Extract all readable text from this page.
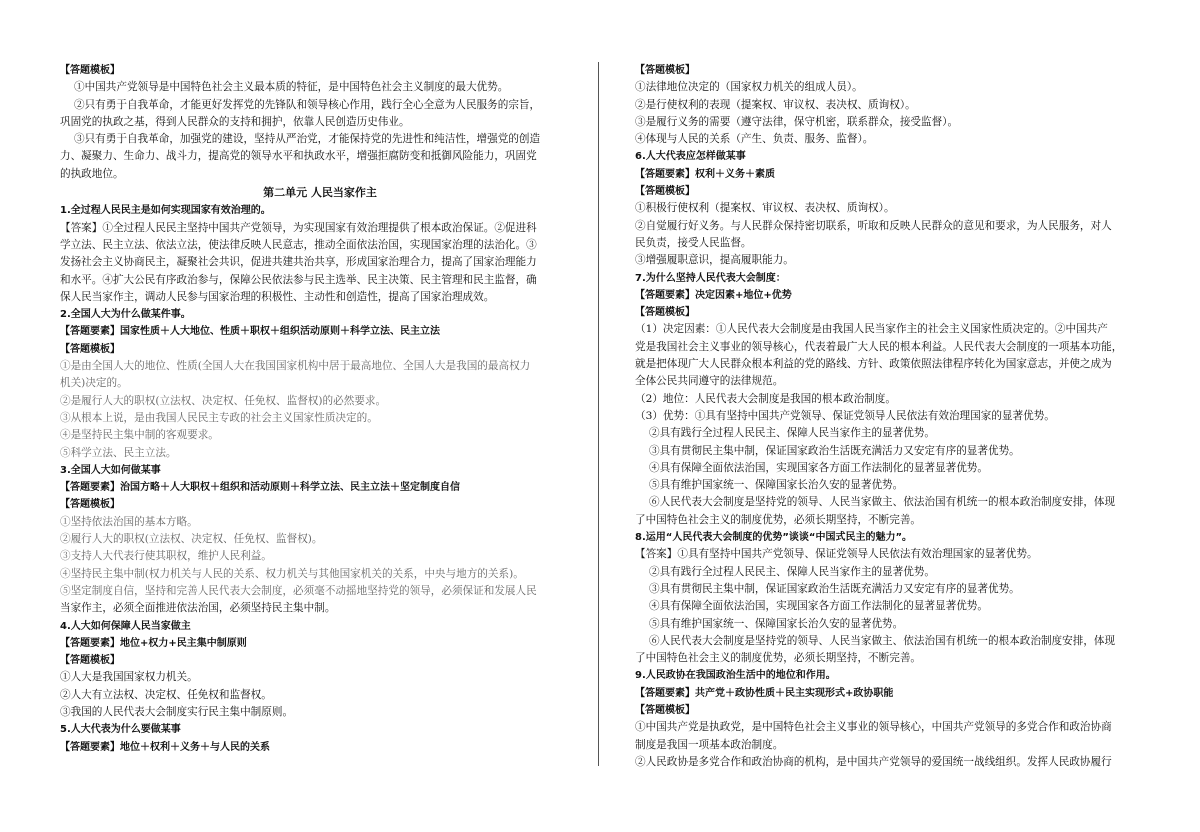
【答题模板】
①中国共产党领导是中国特色社会主义最本质的特征，是中国特色社会主义制度的最大优势。
②只有勇于自我革命，才能更好发挥党的先锋队和领导核心作用，践行全心全意为人民服务的宗旨，
巩固党的执政之基，得到人民群众的支持和拥护，依靠人民创造历史伟业。
③只有勇于自我革命，加强党的建设，坚持从严治党，才能保持党的先进性和纯洁性，增强党的创造
力、凝聚力、生命力、战斗力，提高党的领导水平和执政水平，增强拒腐防变和抵御风险能力，巩固党
的执政地位。
第二单元 人民当家作主
1.全过程人民民主是如何实现国家有效治理的。
【答案】①全过程人民民主坚持中国共产党领导，为实现国家有效治理提供了根本政治保证。②促进科
学立法、民主立法、依法立法，使法律反映人民意志，推动全面依法治国，实现国家治理的法治化。③
发扬社会主义协商民主，凝聚社会共识，促进共建共治共享，形成国家治理合力，提高了国家治理能力
和水平。④扩大公民有序政治参与，保障公民依法参与民主选举、民主决策、民主管理和民主监督，确
保人民当家作主，调动人民参与国家治理的积极性、主动性和创造性，提高了国家治理成效。
2.全国人大为什么做某件事。
【答题要素】国家性质＋人大地位、性质＋职权＋组织活动原则＋科学立法、民主立法
【答题模板】
①是由全国人大的地位、性质(全国人大在我国国家机构中居于最高地位、全国人大是我国的最高权力
机关)决定的。
②是履行人大的职权(立法权、决定权、任免权、监督权)的必然要求。
③从根本上说，是由我国人民民主专政的社会主义国家性质决定的。
④是坚持民主集中制的客观要求。
⑤科学立法、民主立法。
3.全国人大如何做某事
【答题要素】治国方略＋人大职权＋组织和活动原则＋科学立法、民主立法＋坚定制度自信
【答题模板】
①坚持依法治国的基本方略。
②履行人大的职权(立法权、决定权、任免权、监督权)。
③支持人大代表行使其职权，维护人民利益。
④坚持民主集中制(权力机关与人民的关系、权力机关与其他国家机关的关系，中央与地方的关系)。
⑤坚定制度自信，坚持和完善人民代表大会制度，必须毫不动摇地坚持党的领导，必须保证和发展人民
当家作主，必须全面推进依法治国，必须坚持民主集中制。
4.人大如何保障人民当家做主
【答题要素】地位+权力+民主集中制原则
【答题模板】
①人大是我国国家权力机关。
②人大有立法权、决定权、任免权和监督权。
③我国的人民代表大会制度实行民主集中制原则。
5.人大代表为什么要做某事
【答题要素】地位＋权利＋义务＋与人民的关系
【答题模板】
①法律地位决定的（国家权力机关的组成人员）。
②是行使权利的表现（提案权、审议权、表决权、质询权）。
③是履行义务的需要（遵守法律，保守机密，联系群众，接受监督）。
④体现与人民的关系（产生、负责、服务、监督）。
6.人大代表应怎样做某事
【答题要素】权利＋义务＋素质
【答题模板】
①积极行使权利（提案权、审议权、表决权、质询权）。
②自觉履行好义务。与人民群众保持密切联系，听取和反映人民群众的意见和要求，为人民服务，对人
民负责，接受人民监督。
③增强履职意识，提高履职能力。
7.为什么坚持人民代表大会制度：
【答题要素】决定因素+地位+优势
【答题模板】
（1）决定因素：①人民代表大会制度是由我国人民当家作主的社会主义国家性质决定的。②中国共产
党是我国社会主义事业的领导核心，代表着最广大人民的根本利益。人民代表大会制度的一项基本功能，
就是把体现广大人民群众根本利益的党的路线、方针、政策依照法律程序转化为国家意志，并使之成为
全体公民共同遵守的法律规范。
（2）地位：人民代表大会制度是我国的根本政治制度。
（3）优势：①具有坚持中国共产党领导、保证党领导人民依法有效治理国家的显著优势。
②具有践行全过程人民民主、保障人民当家作主的显著优势。
③具有贯彻民主集中制，保证国家政治生活既充满活力又安定有序的显著优势。
④具有保障全面依法治国，实现国家各方面工作法制化的显著显著优势。
⑤具有维护国家统一、保障国家长治久安的显著优势。
⑥人民代表大会制度是坚持党的领导、人民当家做主、依法治国有机统一的根本政治制度安排，体现
了中国特色社会主义的制度优势，必须长期坚持，不断完善。
8.运用“人民代表大会制度的优势”谈谈“中国式民主的魅力”。
【答案】①具有坚持中国共产党领导、保证党领导人民依法有效治理国家的显著优势。
②具有践行全过程人民民主、保障人民当家作主的显著优势。
③具有贯彻民主集中制，保证国家政治生活既充满活力又安定有序的显著优势。
④具有保障全面依法治国，实现国家各方面工作法制化的显著显著优势。
⑤具有维护国家统一、保障国家长治久安的显著优势。
⑥人民代表大会制度是坚持党的领导、人民当家做主、依法治国有机统一的根本政治制度安排，体现
了中国特色社会主义的制度优势，必须长期坚持，不断完善。
9.人民政协在我国政治生活中的地位和作用。
【答题要素】共产党＋政协性质＋民主实现形式+政协职能
【答题模板】
①中国共产党是执政党，是中国特色社会主义事业的领导核心，中国共产党领导的多党合作和政治协商
制度是我国一项基本政治制度。
②人民政协是多党合作和政治协商的机构，是中国共产党领导的爱国统一战线组织。发挥人民政协履行
